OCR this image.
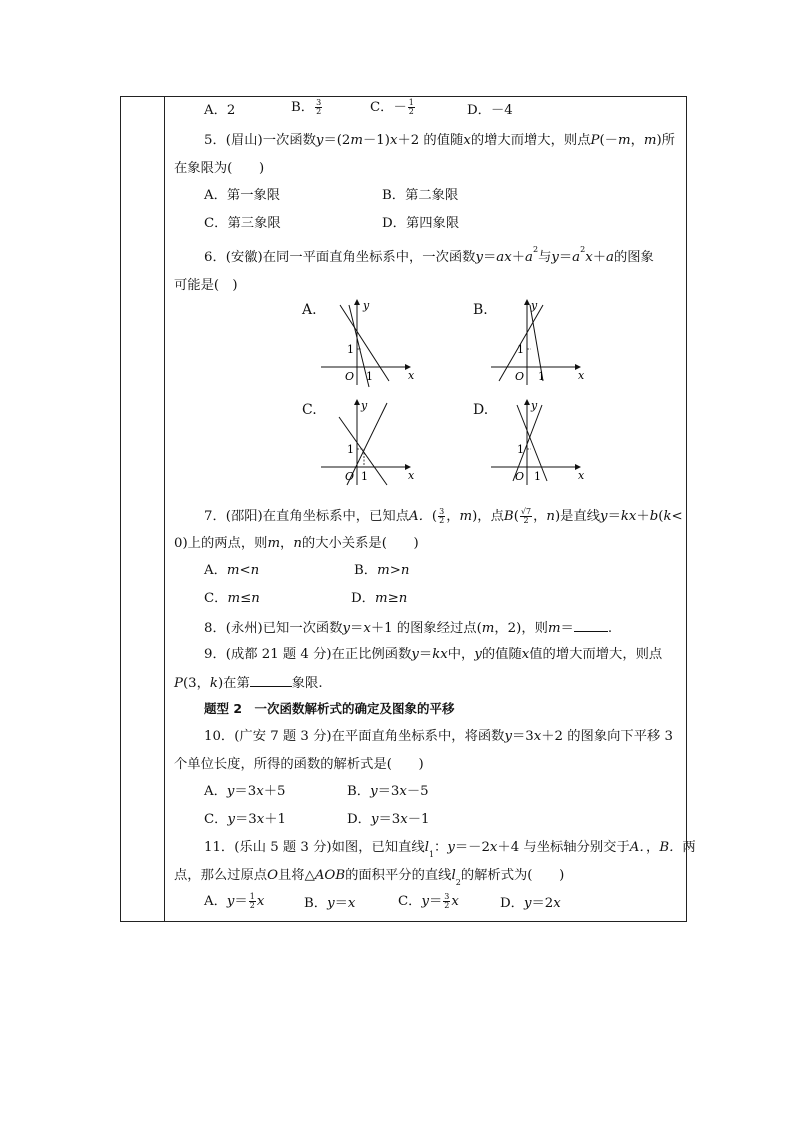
A．2	B． $\frac{3}{2}$	C．－ $\frac{1}{2}$	D．－4
5．(眉山)一次函数y＝(2m－1)x＋2 的值随x的增大而增大，则点P(－m，m)所
在象限为(　　)
A．第一象限	B．第二象限
C．第三象限	D．第四象限
6．(安徽)在同一平面直角坐标系中，一次函数$y=ax+a^2$与$y=a^2x+a$的图象
可能是(　)
A.	B.
C.	D.
y
x
O
1
1
y
x
O
1
1
y
x
O
1
1
y
x
O
1
1
7．(邵阳)在直角坐标系中，已知点A．( $\frac{3}{2}$ ，m)，点$B( \frac{√7}{2}$ ，n)是直线y＝kx＋b(k<
0)上的两点，则m，n的大小关系是(　　)
A．m<n	B．m>n
C．m≤n	D．m≥n
8．(永州)已知一次函数y＝x＋1 的图象经过点(m，2)，则m＝	.
9．(成都 21 题 4 分)在正比例函数y＝kx中，y的值随x值的增大而增大，则点
P(3，k)在第	象限.
题型 2　一次函数解析式的确定及图象的平移
10．(广安 7 题 3 分)在平面直角坐标系中，将函数y＝3x＋2 的图象向下平移 3
个单位长度，所得的函数的解析式是(　　)
A．y＝3x＋5	B．y＝3x－5
C．y＝3x＋1	D．y＝3x－1
11．(乐山 5 题 3 分)如图，已知直线$l_1$：y＝－2x＋4 与坐标轴分别交于A．，B．两
点，那么过原点O且将△AOB的面积平分的直线$l_2$的解析式为(　　)
A．$y= \frac{1}{2}$ x	B．y＝x	C．$y= \frac{3}{2}$ x	D．y＝2x
